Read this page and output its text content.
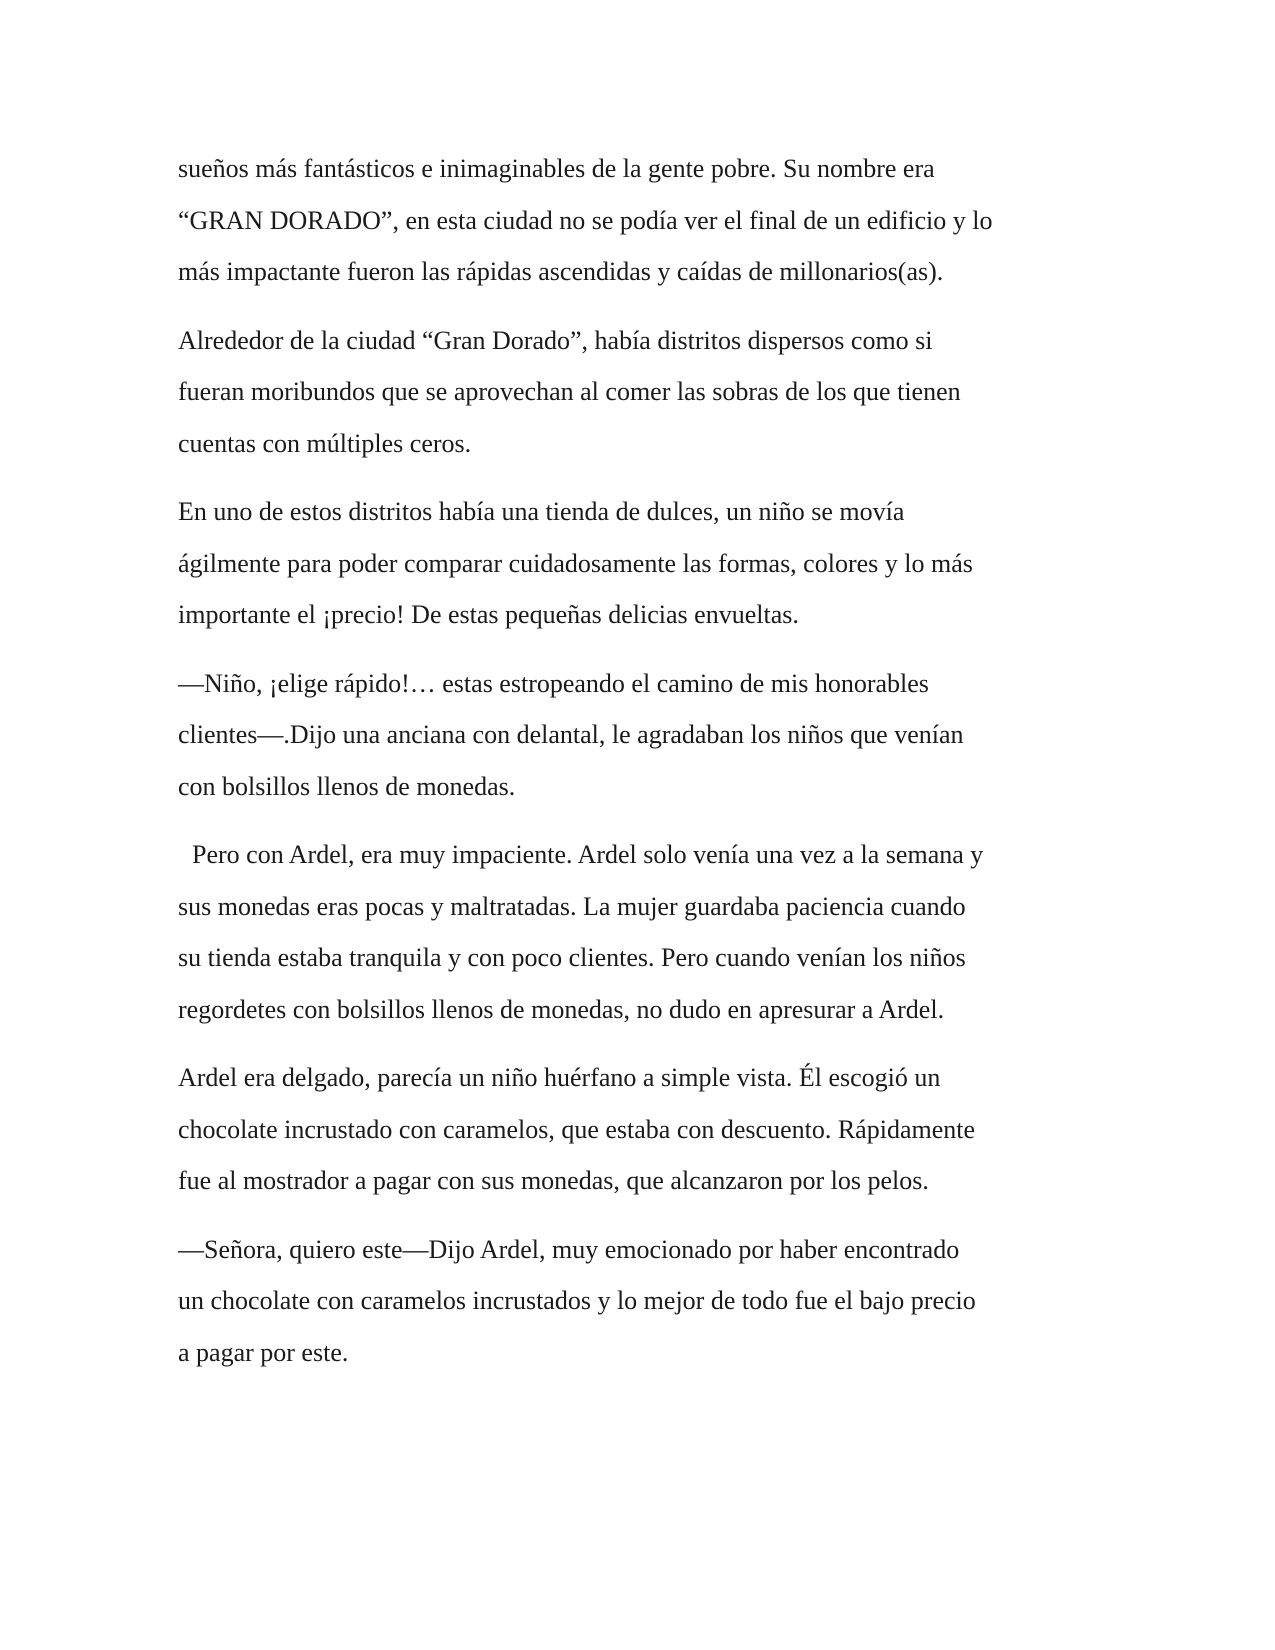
sueños más fantásticos e inimaginables de la gente pobre. Su nombre era
“GRAN DORADO”, en esta ciudad no se podía ver el final de un edificio y lo
más impactante fueron las rápidas ascendidas y caídas de millonarios(as).

Alrededor de la ciudad “Gran Dorado”, había distritos dispersos como si
fueran moribundos que se aprovechan al comer las sobras de los que tienen
cuentas con múltiples ceros.

En uno de estos distritos había una tienda de dulces, un niño se movía
ágilmente para poder comparar cuidadosamente las formas, colores y lo más
importante el ¡precio! De estas pequeñas delicias envueltas.

—Niño, ¡elige rápido!… estas estropeando el camino de mis honorables
clientes—.Dijo una anciana con delantal, le agradaban los niños que venían
con bolsillos llenos de monedas.

Pero con Ardel, era muy impaciente. Ardel solo venía una vez a la semana y
sus monedas eras pocas y maltratadas. La mujer guardaba paciencia cuando
su tienda estaba tranquila y con poco clientes. Pero cuando venían los niños
regordetes con bolsillos llenos de monedas, no dudo en apresurar a Ardel.

Ardel era delgado, parecía un niño huérfano a simple vista. Él escogió un
chocolate incrustado con caramelos, que estaba con descuento. Rápidamente
fue al mostrador a pagar con sus monedas, que alcanzaron por los pelos.

—Señora, quiero este—Dijo Ardel, muy emocionado por haber encontrado
un chocolate con caramelos incrustados y lo mejor de todo fue el bajo precio
a pagar por este.
